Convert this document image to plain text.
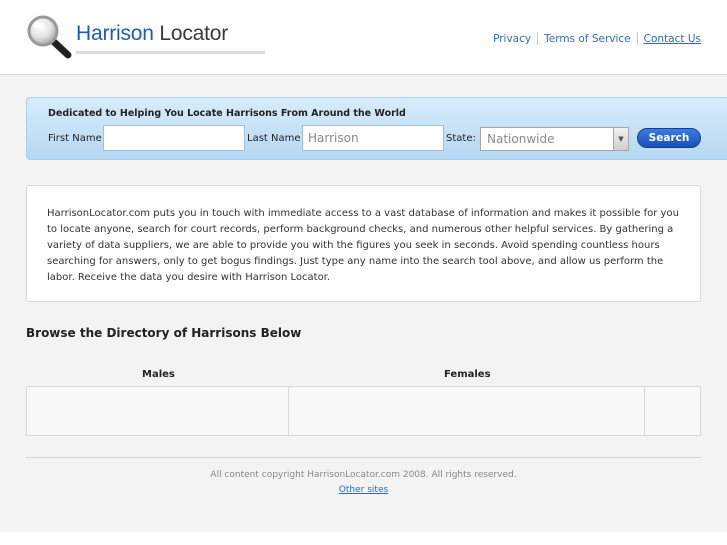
Harrison Locator	Privacy	Terms of Service	Contact Us
Dedicated to Helping You Locate Harrisons From Around the World
First Name	Last Name Harrison	State: Nationwide	▼	Search

HarrisonLocator.com puts you in touch with immediate access to a vast database of information and makes it possible for you to locate anyone, search for court records, perform background checks, and numerous other helpful services. By gathering a variety of data suppliers, we are able to provide you with the figures you seek in seconds. Avoid spending countless hours searching for answers, only to get bogus findings. Just type any name into the search tool above, and allow us perform the labor. Receive the data you desire with Harrison Locator.

Browse the Directory of Harrisons Below
Males	Females
All content copyright HarrisonLocator.com 2008. All rights reserved.
Other sites
